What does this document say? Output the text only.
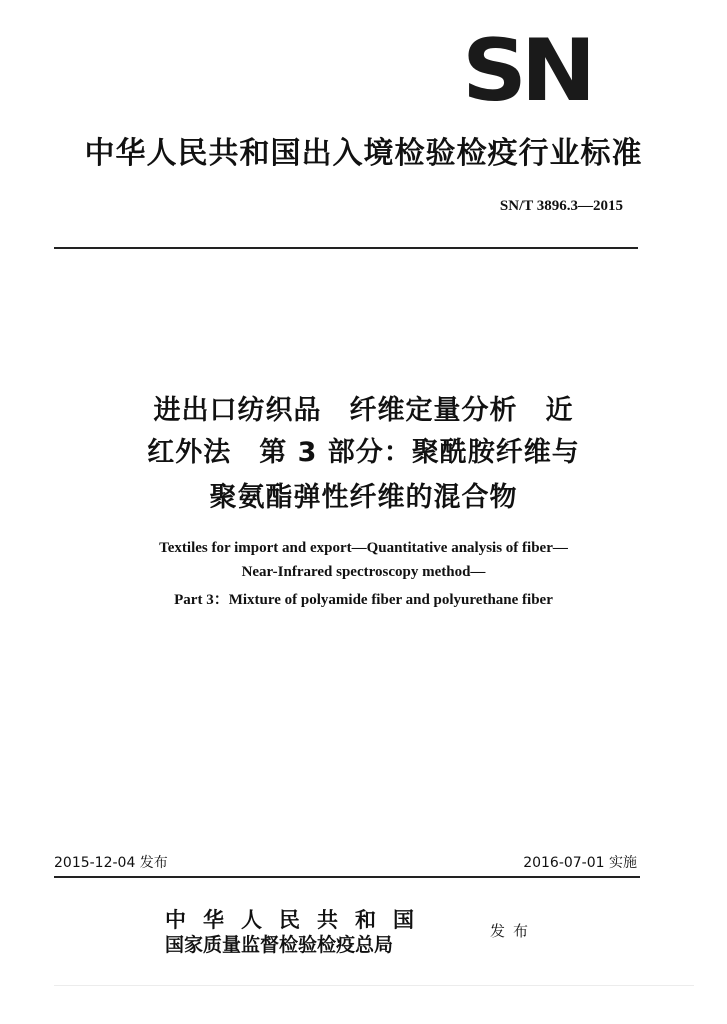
SN
中华人民共和国出入境检验检疫行业标准
SN/T 3896.3—2015
进出口纺织品　纤维定量分析　近
红外法　第 3 部分：聚酰胺纤维与
聚氨酯弹性纤维的混合物
Textiles for import and export—Quantitative analysis of fiber—
Near-Infrared spectroscopy method—
Part 3：Mixture of polyamide fiber and polyurethane fiber
2015-12-04 发布	2016-07-01 实施
中华人民共和国
国家质量监督检验检疫总局
发布
